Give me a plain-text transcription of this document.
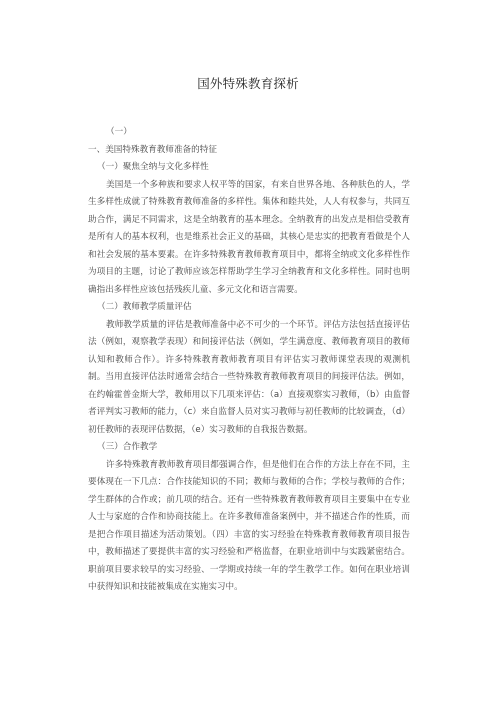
国外特殊教育探析

（一）

一、美国特殊教育教师准备的特征

（一）聚焦全纳与文化多样性

美国是一个多种族和要求人权平等的国家，有来自世界各地、各种肤色的人，学生多样性成就了特殊教育教师准备的多样性。集体和睦共处，人人有权参与，共同互助合作，满足不同需求，这是全纳教育的基本理念。全纳教育的出发点是相信受教育是所有人的基本权利，也是维系社会正义的基础，其核心是忠实的把教育看做是个人和社会发展的基本要素。在许多特殊教育教师教育项目中，都将全纳或文化多样性作为项目的主题，讨论了教师应该怎样帮助学生学习全纳教育和文化多样性。同时也明确指出多样性应该包括残疾儿童、多元文化和语言需要。

（二）教师教学质量评估

教师教学质量的评估是教师准备中必不可少的一个环节。评估方法包括直接评估法（例如，观察教学表现）和间接评估法（例如，学生满意度、教师教育项目的教师认知和教师合作）。许多特殊教育教师教育项目有评估实习教师课堂表现的观测机制。当用直接评估法时通常会结合一些特殊教育教师教育项目的间接评估法。例如，在约翰霍普金斯大学，教师用以下几项来评估：（a）直接观察实习教师，（b）由监督者评判实习教师的能力，（c）来自监督人员对实习教师与初任教师的比较调查，（d）初任教师的表现评估数据，（e）实习教师的自我报告数据。

（三）合作教学

许多特殊教育教师教育项目都强调合作，但是他们在合作的方法上存在不同，主要体现在一下几点：合作技能知识的不同；教师与教师的合作；学校与教师的合作；学生群体的合作或；前几项的结合。还有一些特殊教育教师教育项目主要集中在专业人士与家庭的合作和协商技能上。在许多教师准备案例中，并不描述合作的性质，而是把合作项目描述为活动策划。（四）丰富的实习经验在特殊教育教师教育项目报告中，教师描述了要提供丰富的实习经验和严格监督，在职业培训中与实践紧密结合。职前项目要求较早的实习经验、一学期或持续一年的学生教学工作。如何在职业培训中获得知识和技能被集成在实施实习中。
